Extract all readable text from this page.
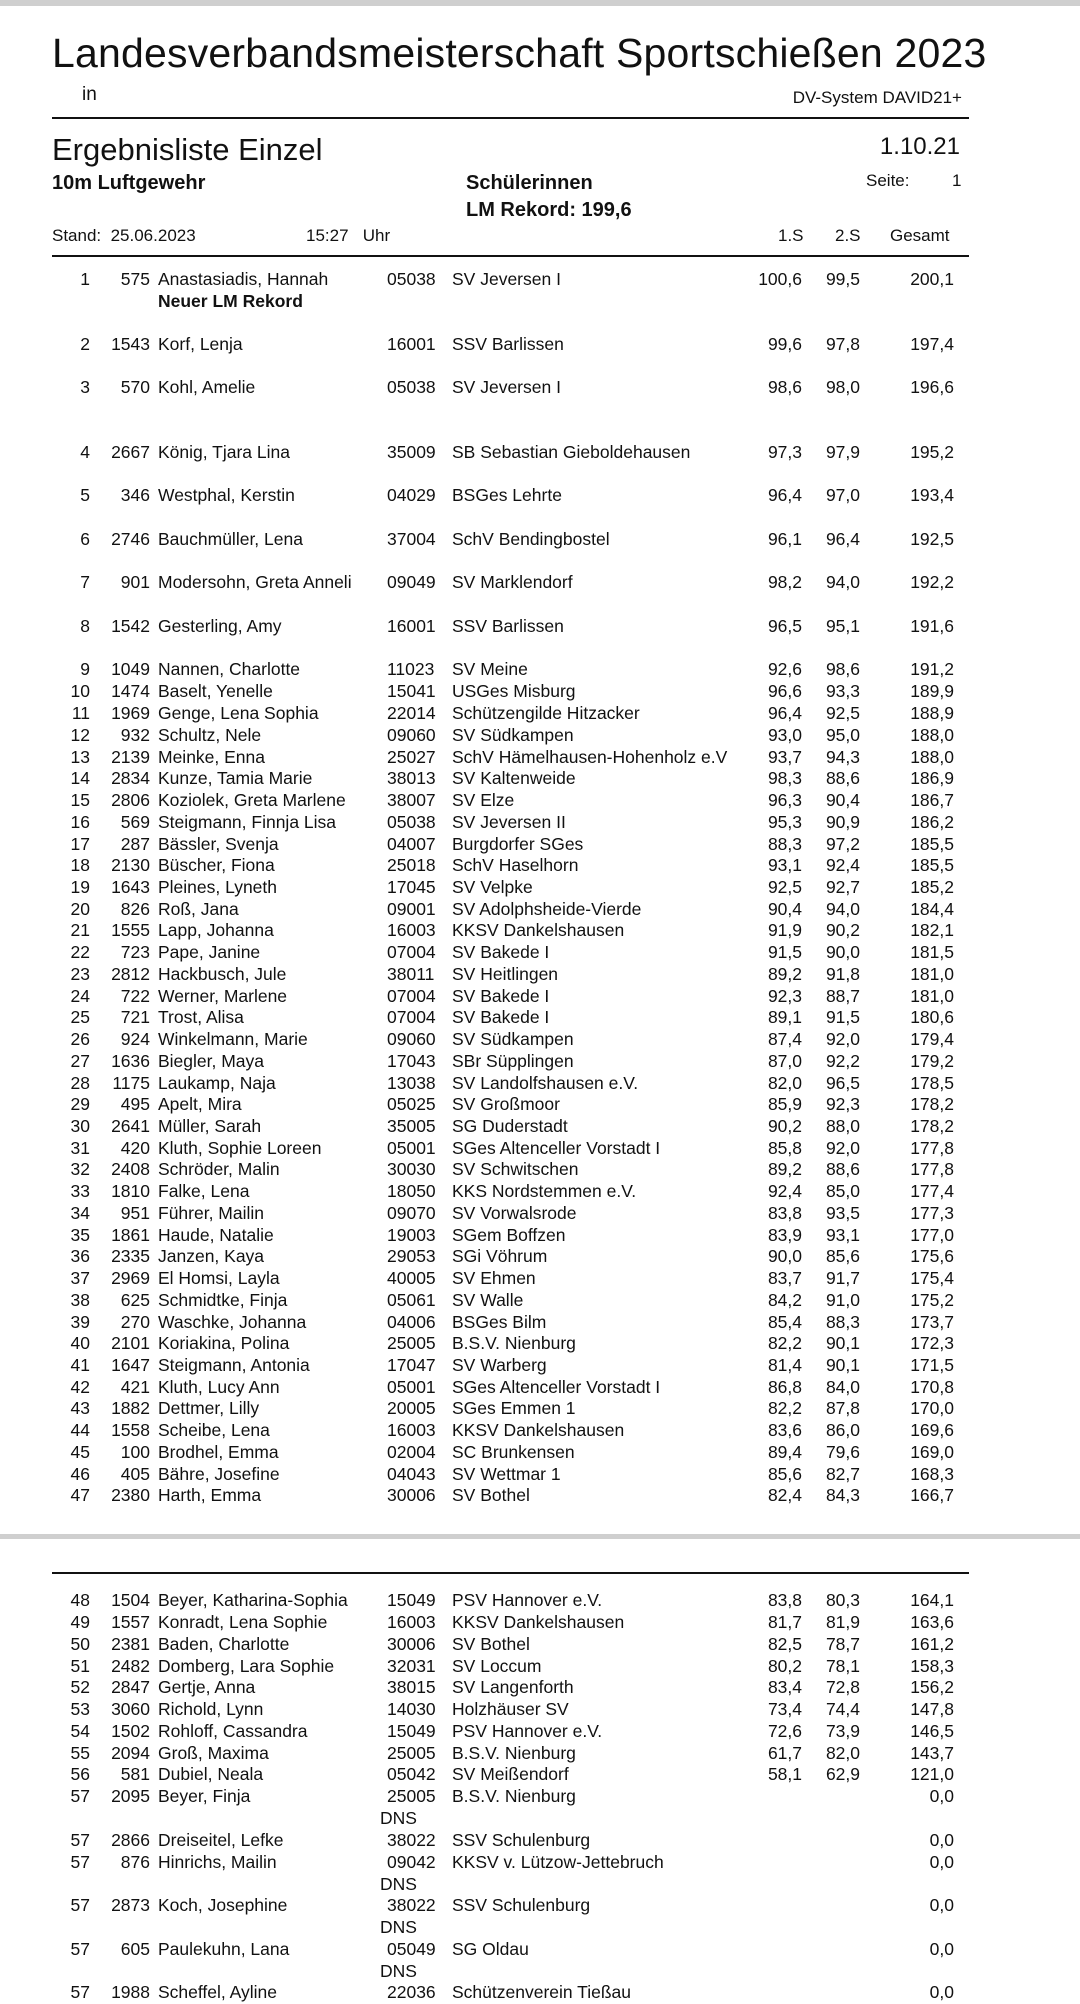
Landesverbandsmeisterschaft Sportschießen 2023
in	DV-System DAVID21+
Ergebnisliste Einzel	1.10.21
10m Luftgewehr	Schülerinnen
LM Rekord: 199,6
Seite:	1
Stand:  25.06.2023	15:27   Uhr	1.S 2.S Gesamt
1 575 Anastasiadis, Hannah	05038 SV Jeversen I	100,6 99,5	200,1
Neuer LM Rekord
2 1543 Korf, Lenja	16001 SSV Barlissen	99,6 97,8	197,4
3 570 Kohl, Amelie	05038 SV Jeversen I	98,6 98,0	196,6
4 2667 König, Tjara Lina	35009 SB Sebastian Gieboldehausen	97,3 97,9	195,2
5 346 Westphal, Kerstin	04029 BSGes Lehrte	96,4 97,0	193,4
6 2746 Bauchmüller, Lena	37004 SchV Bendingbostel	96,1 96,4	192,5
7 901 Modersohn, Greta Anneli 09049 SV Marklendorf	98,2 94,0	192,2
8 1542 Gesterling, Amy	16001 SSV Barlissen	96,5 95,1	191,6
9 1049 Nannen, Charlotte	11023 SV Meine	92,6 98,6	191,2
10 1474 Baselt, Yenelle	15041 USGes Misburg	96,6 93,3	189,9
11 1969 Genge, Lena Sophia	22014 Schützengilde Hitzacker	96,4 92,5	188,9
12 932 Schultz, Nele	09060 SV Südkampen	93,0 95,0	188,0
13 2139 Meinke, Enna	25027 SchV Hämelhausen-Hohenholz e.V 93,7 94,3	188,0
14 2834 Kunze, Tamia Marie	38013 SV Kaltenweide	98,3 88,6	186,9
15 2806 Koziolek, Greta Marlene 38007 SV Elze	96,3 90,4	186,7
16 569 Steigmann, Finnja Lisa	05038 SV Jeversen II	95,3 90,9	186,2
17 287 Bässler, Svenja	04007 Burgdorfer SGes	88,3 97,2	185,5
18 2130 Büscher, Fiona	25018 SchV Haselhorn	93,1 92,4	185,5
19 1643 Pleines, Lyneth	17045 SV Velpke	92,5 92,7	185,2
20 826 Roß, Jana	09001 SV Adolphsheide-Vierde	90,4 94,0	184,4
21 1555 Lapp, Johanna	16003 KKSV Dankelshausen	91,9 90,2	182,1
22 723 Pape, Janine	07004 SV Bakede I	91,5 90,0	181,5
23 2812 Hackbusch, Jule	38011 SV Heitlingen	89,2 91,8	181,0
24 722 Werner, Marlene	07004 SV Bakede I	92,3 88,7	181,0
25 721 Trost, Alisa	07004 SV Bakede I	89,1 91,5	180,6
26 924 Winkelmann, Marie	09060 SV Südkampen	87,4 92,0	179,4
27 1636 Biegler, Maya	17043 SBr Süpplingen	87,0 92,2	179,2
28 1175 Laukamp, Naja	13038 SV Landolfshausen e.V.	82,0 96,5	178,5
29 495 Apelt, Mira	05025 SV Großmoor	85,9 92,3	178,2
30 2641 Müller, Sarah	35005 SG Duderstadt	90,2 88,0	178,2
31 420 Kluth, Sophie Loreen	05001 SGes Altenceller Vorstadt I	85,8 92,0	177,8
32 2408 Schröder, Malin	30030 SV Schwitschen	89,2 88,6	177,8
33 1810 Falke, Lena	18050 KKS Nordstemmen e.V.	92,4 85,0	177,4
34 951 Führer, Mailin	09070 SV Vorwalsrode	83,8 93,5	177,3
35 1861 Haude, Natalie	19003 SGem Boffzen	83,9 93,1	177,0
36 2335 Janzen, Kaya	29053 SGi Vöhrum	90,0 85,6	175,6
37 2969 El Homsi, Layla	40005 SV Ehmen	83,7 91,7	175,4
38 625 Schmidtke, Finja	05061 SV Walle	84,2 91,0	175,2
39 270 Waschke, Johanna	04006 BSGes Bilm	85,4 88,3	173,7
40 2101 Koriakina, Polina	25005 B.S.V. Nienburg	82,2 90,1	172,3
41 1647 Steigmann, Antonia	17047 SV Warberg	81,4 90,1	171,5
42 421 Kluth, Lucy Ann	05001 SGes Altenceller Vorstadt I	86,8 84,0	170,8
43 1882 Dettmer, Lilly	20005 SGes Emmen 1	82,2 87,8	170,0
44 1558 Scheibe, Lena	16003 KKSV Dankelshausen	83,6 86,0	169,6
45 100 Brodhel, Emma	02004 SC Brunkensen	89,4 79,6	169,0
46 405 Bähre, Josefine	04043 SV Wettmar 1	85,6 82,7	168,3
47 2380 Harth, Emma	30006 SV Bothel	82,4 84,3	166,7
48 1504 Beyer, Katharina-Sophia 15049 PSV Hannover e.V.	83,8 80,3	164,1
49 1557 Konradt, Lena Sophie	16003 KKSV Dankelshausen	81,7 81,9	163,6
50 2381 Baden, Charlotte	30006 SV Bothel	82,5 78,7	161,2
51 2482 Domberg, Lara Sophie	32031 SV Loccum	80,2 78,1	158,3
52 2847 Gertje, Anna	38015 SV Langenforth	83,4 72,8	156,2
53 3060 Richold, Lynn	14030 Holzhäuser SV	73,4 74,4	147,8
54 1502 Rohloff, Cassandra	15049 PSV Hannover e.V.	72,6 73,9	146,5
55 2094 Groß, Maxima	25005 B.S.V. Nienburg	61,7 82,0	143,7
56 581 Dubiel, Neala	05042 SV Meißendorf	58,1 62,9	121,0
57 2095 Beyer, Finja	25005 B.S.V. Nienburg	0,0
DNS
57 2866 Dreiseitel, Lefke	38022 SSV Schulenburg	0,0
57 876 Hinrichs, Mailin	09042 KKSV v. Lützow-Jettebruch	0,0
DNS
57 2873 Koch, Josephine	38022 SSV Schulenburg	0,0
DNS
57 605 Paulekuhn, Lana	05049 SG Oldau	0,0
DNS
57 1988 Scheffel, Ayline	22036 Schützenverein Tießau	0,0
